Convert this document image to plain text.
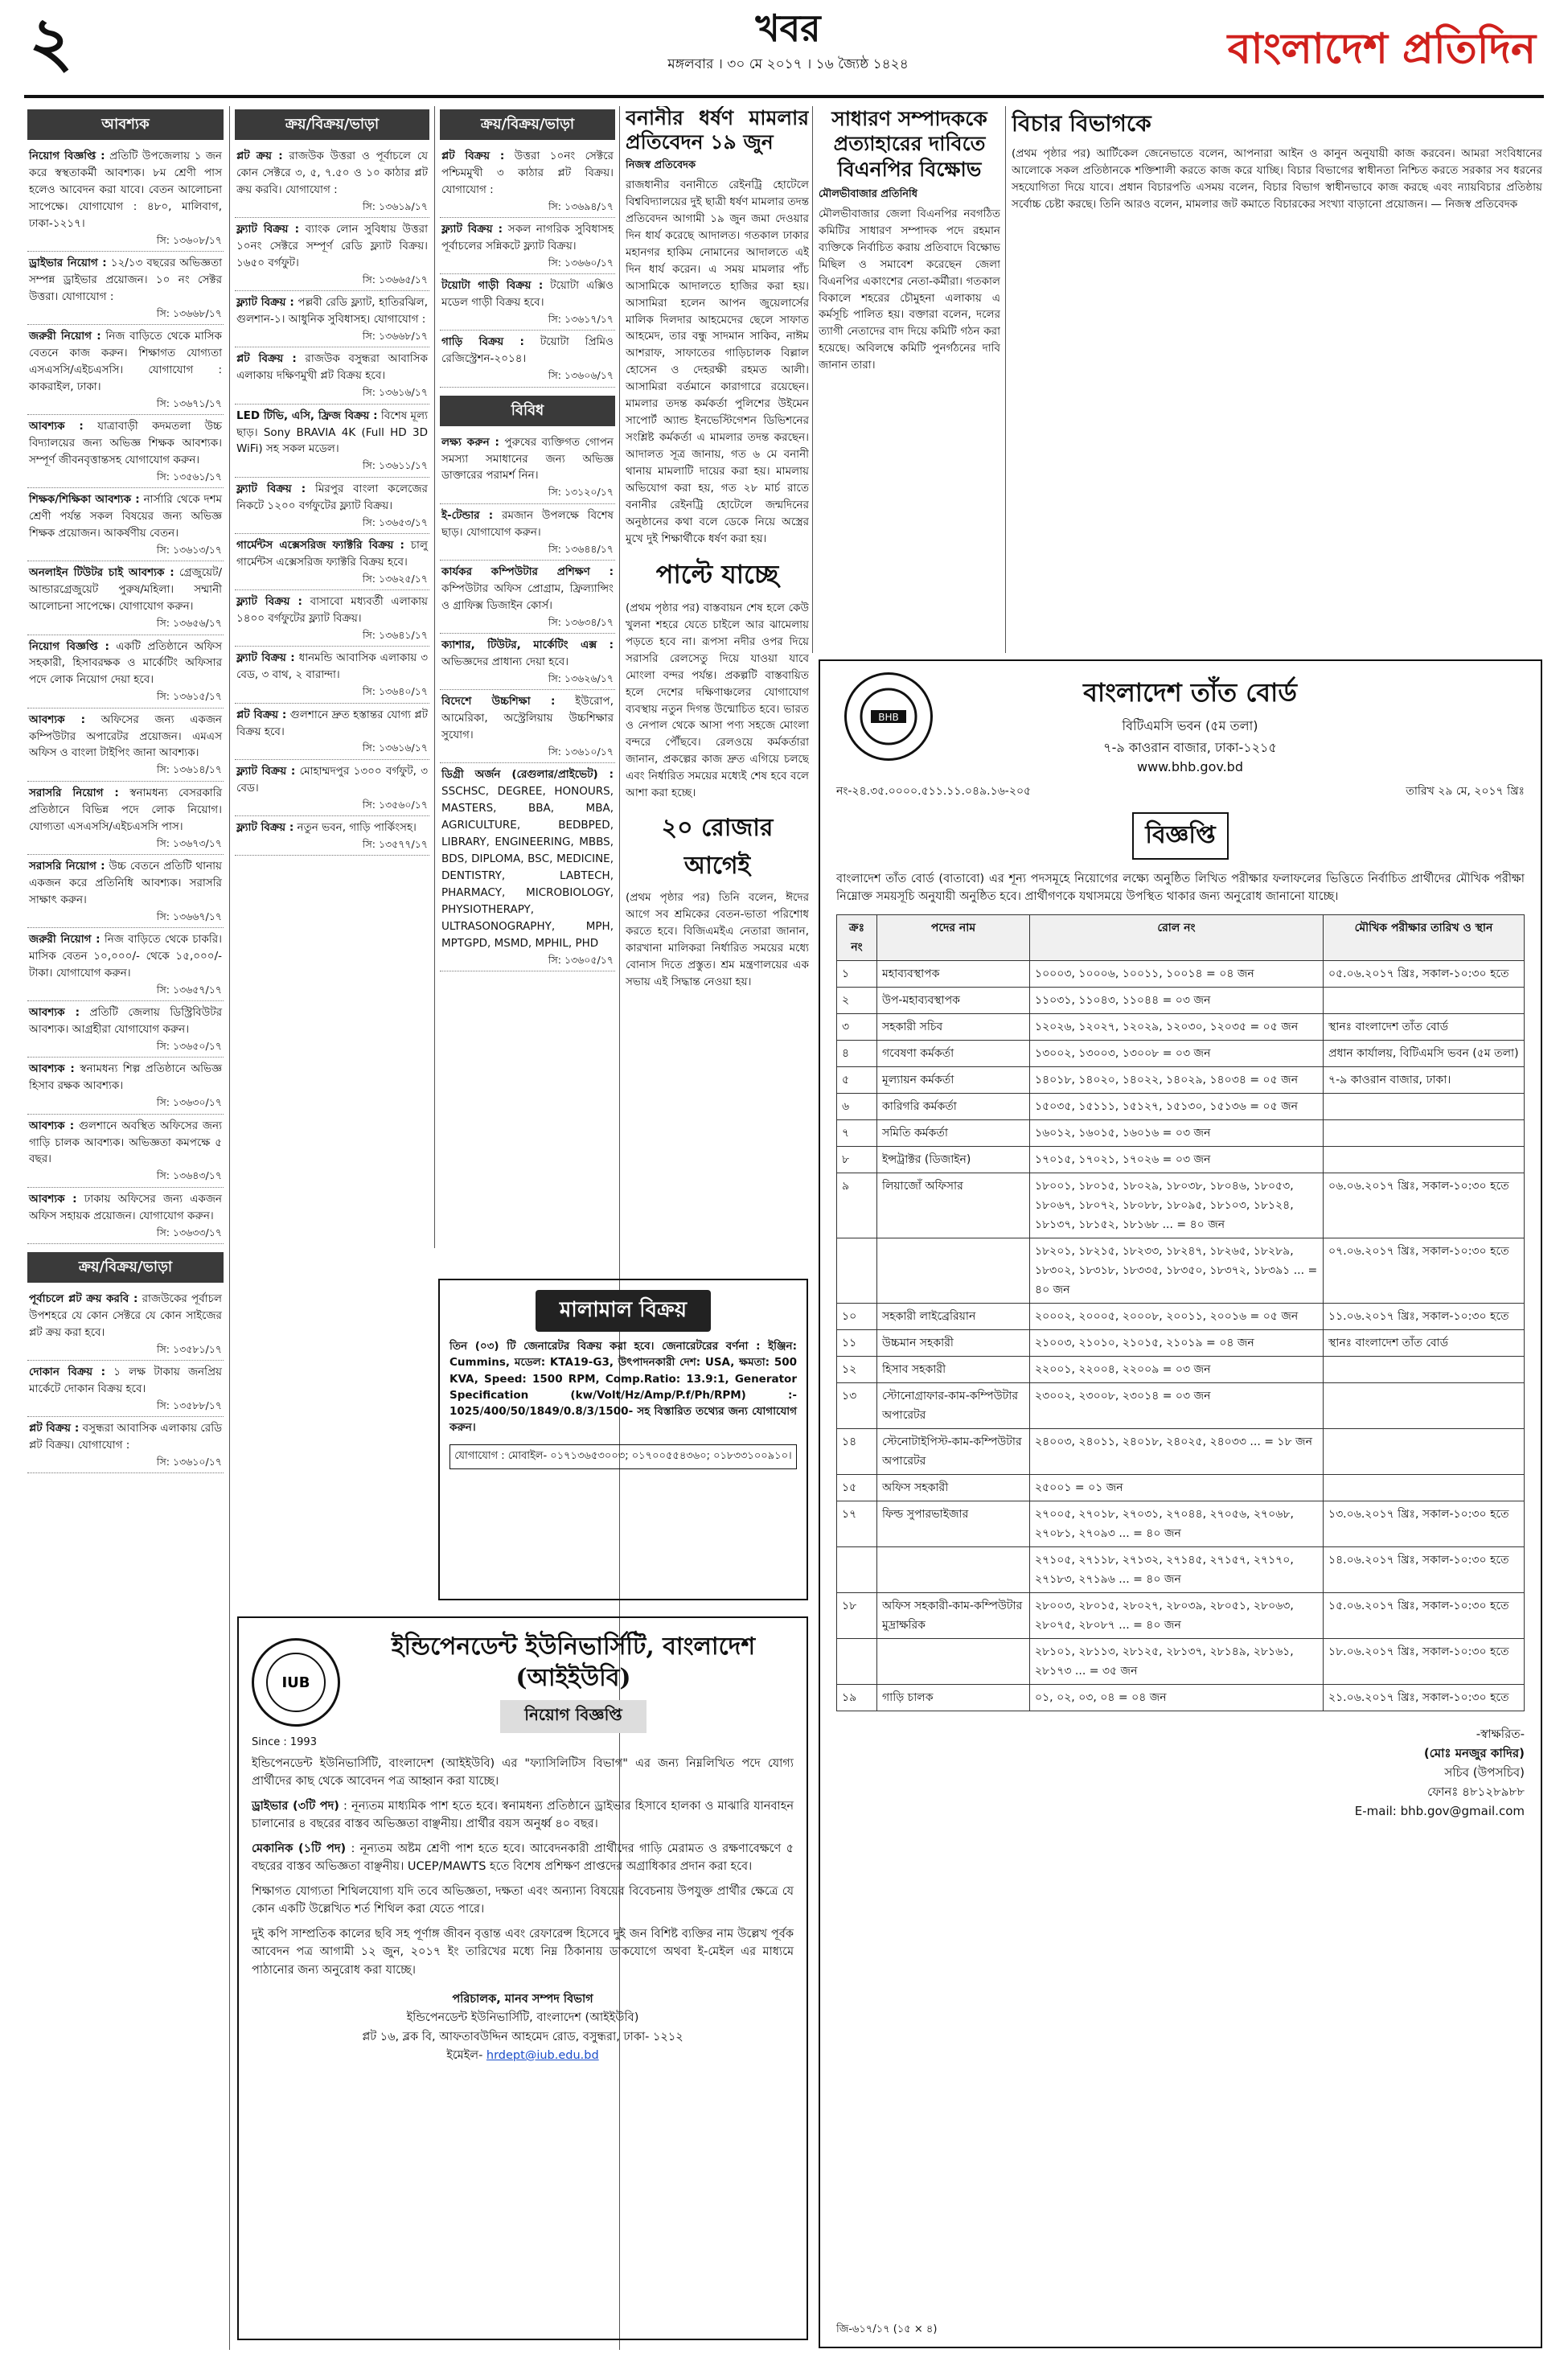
২	খবর
মঙ্গলবার । ৩০ মে ২০১৭ । ১৬ জ্যৈষ্ঠ ১৪২৪	বাংলাদেশ প্রতিদিন
আবশ্যক
নিয়োগ বিজ্ঞপ্তি : প্রতিটি উপজেলায় ১ জন করে স্বস্থতাকর্মী আবশ্যক। ৮ম শ্রেণী পাস হলেও আবেদন করা যাবে। বেতন আলোচনা সাপেক্ষে। যোগাযোগ : ৪৮০, মালিবাগ, ঢাকা-১২১৭।
সি: ১৩৬০৮/১৭
ড্রাইভার নিয়োগ : ১২/১৩ বছরের অভিজ্ঞতা সম্পন্ন ড্রাইভার প্রয়োজন। ১০ নং সেক্টর উত্তরা। যোগাযোগ :
সি: ১৩৬৬৮/১৭
জরুরী নিয়োগ : নিজ বাড়িতে থেকে মাসিক বেতনে কাজ করুন। শিক্ষাগত যোগ্যতা এসএসসি/এইচএসসি। যোগাযোগ : কাকরাইল, ঢাকা।
সি: ১৩৬৭১/১৭
আবশ্যক : যাত্রাবাড়ী কদমতলা উচ্চ বিদ্যালয়ের জন্য অভিজ্ঞ শিক্ষক আবশ্যক। সম্পূর্ণ জীবনবৃত্তান্তসহ যোগাযোগ করুন।
সি: ১৩৫৬১/১৭
শিক্ষক/শিক্ষিকা আবশ্যক : নার্সারি থেকে দশম শ্রেণী পর্যন্ত সকল বিষয়ের জন্য অভিজ্ঞ শিক্ষক প্রয়োজন। আকর্ষণীয় বেতন।
সি: ১৩৬১৩/১৭
অনলাইন টিউটর চাই আবশ্যক : গ্রেজুয়েট/আন্ডারগ্রেজুয়েট পুরুষ/মহিলা। সম্মানী আলোচনা সাপেক্ষে। যোগাযোগ করুন।
সি: ১৩৬৫৬/১৭
নিয়োগ বিজ্ঞপ্তি : একটি প্রতিষ্ঠানে অফিস সহকারী, হিসাবরক্ষক ও মার্কেটিং অফিসার পদে লোক নিয়োগ দেয়া হবে।
সি: ১৩৬১৫/১৭
আবশ্যক : অফিসের জন্য একজন কম্পিউটার অপারেটর প্রয়োজন। এমএস অফিস ও বাংলা টাইপিং জানা আবশ্যক।
সি: ১৩৬১৪/১৭
সরাসরি নিয়োগ : স্বনামধন্য বেসরকারি প্রতিষ্ঠানে বিভিন্ন পদে লোক নিয়োগ। যোগ্যতা এসএসসি/এইচএসসি পাস।
সি: ১৩৬৭৩/১৭
সরাসরি নিয়োগ : উচ্চ বেতনে প্রতিটি থানায় একজন করে প্রতিনিধি আবশ্যক। সরাসরি সাক্ষাৎ করুন।
সি: ১৩৬৬৭/১৭
জরুরী নিয়োগ : নিজ বাড়িতে থেকে চাকরি। মাসিক বেতন ১০,০০০/- থেকে ১৫,০০০/- টাকা। যোগাযোগ করুন।
সি: ১৩৬৫৭/১৭
আবশ্যক : প্রতিটি জেলায় ডিস্ট্রিবিউটর আবশ্যক। আগ্রহীরা যোগাযোগ করুন।
সি: ১৩৬৫০/১৭
আবশ্যক : স্বনামধন্য শিল্প প্রতিষ্ঠানে অভিজ্ঞ হিসাব রক্ষক আবশ্যক।
সি: ১৩৬৩০/১৭
আবশ্যক : গুলশানে অবস্থিত অফিসের জন্য গাড়ি চালক আবশ্যক। অভিজ্ঞতা কমপক্ষে ৫ বছর।
সি: ১৩৬৪৩/১৭
আবশ্যক : ঢাকায় অফিসের জন্য একজন অফিস সহায়ক প্রয়োজন। যোগাযোগ করুন।
সি: ১৩৬৩৩/১৭
ক্রয়/বিক্রয়/ভাড়া
পূর্বাচলে প্লট ক্রয় করবি : রাজউকের পূর্বাচল উপশহরে যে কোন সেক্টরে যে কোন সাইজের প্লট ক্রয় করা হবে।
সি: ১৩৫৮১/১৭
দোকান বিক্রয় : ১ লক্ষ টাকায় জনপ্রিয় মার্কেটে দোকান বিক্রয় হবে।
সি: ১৩৫৮৮/১৭
প্লট বিক্রয় : বসুন্ধরা আবাসিক এলাকায় রেডি প্লট বিক্রয়। যোগাযোগ :
সি: ১৩৬১০/১৭
ক্রয়/বিক্রয়/ভাড়া
প্লট ক্রয় : রাজউক উত্তরা ও পূর্বাচলে যে কোন সেক্টরে ৩, ৫, ৭.৫০ ও ১০ কাঠার প্লট ক্রয় করবি। যোগাযোগ :
সি: ১৩৬১৯/১৭
ফ্ল্যাট বিক্রয় : ব্যাংক লোন সুবিধায় উত্তরা ১০নং সেক্টরে সম্পূর্ণ রেডি ফ্ল্যাট বিক্রয়। ১৬৫০ বর্গফুট।
সি: ১৩৬৬৫/১৭
ফ্ল্যাট বিক্রয় : পল্লবী রেডি ফ্ল্যাট, হাতিরঝিল, গুলশান-১। আধুনিক সুবিধাসহ। যোগাযোগ :
সি: ১৩৬৬৮/১৭
প্লট বিক্রয় : রাজউক বসুন্ধরা আবাসিক এলাকায় দক্ষিণমুখী প্লট বিক্রয় হবে।
সি: ১৩৬১৬/১৭
LED টিভি, এসি, ফ্রিজ বিক্রয় : বিশেষ মূল্য ছাড়। Sony BRAVIA 4K (Full HD 3D WiFi) সহ সকল মডেল।
সি: ১৩৬১১/১৭
ফ্ল্যাট বিক্রয় : মিরপুর বাংলা কলেজের নিকটে ১২০০ বর্গফুটের ফ্ল্যাট বিক্রয়।
সি: ১৩৬৫৩/১৭
গার্মেন্টস এক্সেসরিজ ফ্যাক্টরি বিক্রয় : চালু গার্মেন্টস এক্সেসরিজ ফ্যাক্টরি বিক্রয় হবে।
সি: ১৩৬২৫/১৭
ফ্ল্যাট বিক্রয় : বাসাবো মধ্যবর্তী এলাকায় ১৪০০ বর্গফুটের ফ্ল্যাট বিক্রয়।
সি: ১৩৬৪১/১৭
ফ্ল্যাট বিক্রয় : ধানমন্ডি আবাসিক এলাকায় ৩ বেড, ৩ বাথ, ২ বারান্দা।
সি: ১৩৬৪০/১৭
প্লট বিক্রয় : গুলশানে দ্রুত হস্তান্তর যোগ্য প্লট বিক্রয় হবে।
সি: ১৩৬১৬/১৭
ফ্ল্যাট বিক্রয় : মোহাম্মদপুর ১৩০০ বর্গফুট, ৩ বেড।
সি: ১৩৫৬০/১৭
ফ্ল্যাট বিক্রয় : নতুন ভবন, গাড়ি পার্কিংসহ।
সি: ১৩৫৭৭/১৭
ক্রয়/বিক্রয়/ভাড়া
প্লট বিক্রয় : উত্তরা ১০নং সেক্টরে পশ্চিমমুখী ৩ কাঠার প্লট বিক্রয়। যোগাযোগ :
সি: ১৩৬৯৪/১৭
ফ্ল্যাট বিক্রয় : সকল নাগরিক সুবিধাসহ পূর্বাচলের সন্নিকটে ফ্ল্যাট বিক্রয়।
সি: ১৩৬৬০/১৭
টয়োটা গাড়ী বিক্রয় : টয়োটা এক্সিও মডেল গাড়ী বিক্রয় হবে।
সি: ১৩৬১৭/১৭
গাড়ি বিক্রয় : টয়োটা প্রিমিও রেজিস্ট্রেশন-২০১৪।
সি: ১৩৬০৬/১৭
বিবিধ
লক্ষ্য করুন : পুরুষের ব্যক্তিগত গোপন সমস্যা সমাধানের জন্য অভিজ্ঞ ডাক্তারের পরামর্শ নিন।
সি: ১৩১২০/১৭
ই-টেন্ডার : রমজান উপলক্ষে বিশেষ ছাড়। যোগাযোগ করুন।
সি: ১৩৬৪৪/১৭
কার্যকর কম্পিউটার প্রশিক্ষণ : কম্পিউটার অফিস প্রোগ্রাম, ফ্রিল্যান্সিং ও গ্রাফিক্স ডিজাইন কোর্স।
সি: ১৩৬৩৪/১৭
ক্যাশার, টিউটর, মার্কেটিং এক্স : অভিজ্ঞদের প্রাধান্য দেয়া হবে।
সি: ১৩৬২৬/১৭
বিদেশে উচ্চশিক্ষা : ইউরোপ, আমেরিকা, অস্ট্রেলিয়ায় উচ্চশিক্ষার সুযোগ।
সি: ১৩৬১০/১৭
ডিগ্রী অর্জন (রেগুলার/প্রাইভেট) : SSCHSC, DEGREE, HONOURS, MASTERS, BBA, MBA, AGRICULTURE, BEDBPED, LIBRARY, ENGINEERING, MBBS, BDS, DIPLOMA, BSC, MEDICINE, DENTISTRY, LABTECH, PHARMACY, MICROBIOLOGY, PHYSIOTHERAPY, ULTRASONOGRAPHY, MPH, MPTGPD, MSMD, MPHIL, PHD
সি: ১৩৬০৫/১৭
বনানীর ধর্ষণ মামলার প্রতিবেদন ১৯ জুন
নিজস্ব প্রতিবেদক
রাজধানীর বনানীতে রেইনট্রি হোটেলে বিশ্ববিদ্যালয়ের দুই ছাত্রী ধর্ষণ মামলার তদন্ত প্রতিবেদন আগামী ১৯ জুন জমা দেওয়ার দিন ধার্য করেছে আদালত। গতকাল ঢাকার মহানগর হাকিম নোমানের আদালতে এই দিন ধার্য করেন। এ সময় মামলার পাঁচ আসামিকে আদালতে হাজির করা হয়। আসামিরা হলেন আপন জুয়েলার্সের মালিক দিলদার আহমেদের ছেলে সাফাত আহমেদ, তার বন্ধু সাদমান সাকিব, নাঈম আশরাফ, সাফাতের গাড়িচালক বিল্লাল হোসেন ও দেহরক্ষী রহমত আলী। আসামিরা বর্তমানে কারাগারে রয়েছেন। মামলার তদন্ত কর্মকর্তা পুলিশের উইমেন সাপোর্ট অ্যান্ড ইনভেস্টিগেশন ডিভিশনের সংশ্লিষ্ট কর্মকর্তা এ মামলার তদন্ত করছেন। আদালত সূত্র জানায়, গত ৬ মে বনানী থানায় মামলাটি দায়ের করা হয়। মামলায় অভিযোগ করা হয়, গত ২৮ মার্চ রাতে বনানীর রেইনট্রি হোটেলে জন্মদিনের অনুষ্ঠানের কথা বলে ডেকে নিয়ে অস্ত্রের মুখে দুই শিক্ষার্থীকে ধর্ষণ করা হয়।
পাল্টে যাচ্ছে
(প্রথম পৃষ্ঠার পর) বাস্তবায়ন শেষ হলে কেউ খুলনা শহরে যেতে চাইলে আর ঝামেলায় পড়তে হবে না। রূপসা নদীর ওপর দিয়ে সরাসরি রেলসেতু দিয়ে যাওয়া যাবে মোংলা বন্দর পর্যন্ত। প্রকল্পটি বাস্তবায়িত হলে দেশের দক্ষিণাঞ্চলের যোগাযোগ ব্যবস্থায় নতুন দিগন্ত উন্মোচিত হবে। ভারত ও নেপাল থেকে আসা পণ্য সহজে মোংলা বন্দরে পৌঁছবে। রেলওয়ে কর্মকর্তারা জানান, প্রকল্পের কাজ দ্রুত এগিয়ে চলছে এবং নির্ধারিত সময়ের মধ্যেই শেষ হবে বলে আশা করা হচ্ছে।
২০ রোজার আগেই
(প্রথম পৃষ্ঠার পর) তিনি বলেন, ঈদের আগে সব শ্রমিকের বেতন-ভাতা পরিশোধ করতে হবে। বিজিএমইএ নেতারা জানান, কারখানা মালিকরা নির্ধারিত সময়ের মধ্যে বোনাস দিতে প্রস্তুত। শ্রম মন্ত্রণালয়ের এক সভায় এই সিদ্ধান্ত নেওয়া হয়।
সাধারণ সম্পাদককে প্রত্যাহারের দাবিতে বিএনপির বিক্ষোভ
মৌলভীবাজার প্রতিনিধি
মৌলভীবাজার জেলা বিএনপির নবগঠিত কমিটির সাধারণ সম্পাদক পদে রহমান ব্যক্তিকে নির্বাচিত করায় প্রতিবাদে বিক্ষোভ মিছিল ও সমাবেশ করেছেন জেলা বিএনপির একাংশের নেতা-কর্মীরা। গতকাল বিকালে শহরের চৌমুহনা এলাকায় এ কর্মসূচি পালিত হয়। বক্তারা বলেন, দলের ত্যাগী নেতাদের বাদ দিয়ে কমিটি গঠন করা হয়েছে। অবিলম্বে কমিটি পুনর্গঠনের দাবি জানান তারা।
বিচার বিভাগকে
(প্রথম পৃষ্ঠার পর) আর্টিকেল জেনেভাতে বলেন, আপনারা আইন ও কানুন অনুযায়ী কাজ করবেন। আমরা সংবিধানের আলোকে সকল প্রতিষ্ঠানকে শক্তিশালী করতে কাজ করে যাচ্ছি। বিচার বিভাগের স্বাধীনতা নিশ্চিত করতে সরকার সব ধরনের সহযোগিতা দিয়ে যাবে। প্রধান বিচারপতি এসময় বলেন, বিচার বিভাগ স্বাধীনভাবে কাজ করছে এবং ন্যায়বিচার প্রতিষ্ঠায় সর্বোচ্চ চেষ্টা করছে। তিনি আরও বলেন, মামলার জট কমাতে বিচারকের সংখ্যা বাড়ানো প্রয়োজন। — নিজস্ব প্রতিবেদক
BHB
বাংলাদেশ তাঁত বোর্ড
বিটিএমসি ভবন (৫ম তলা)
৭-৯ কাওরান বাজার, ঢাকা-১২১৫
www.bhb.gov.bd
নং-২৪.৩৫.০০০০.৫১১.১১.০৪৯.১৬-২০৫	তারিখ ২৯ মে, ২০১৭ খ্রিঃ
বিজ্ঞপ্তি
বাংলাদেশ তাঁত বোর্ড (বাতাবো) এর শূন্য পদসমূহে নিয়োগের লক্ষ্যে অনুষ্ঠিত লিখিত পরীক্ষার ফলাফলের ভিত্তিতে নির্বাচিত প্রার্থীদের মৌখিক পরীক্ষা নিম্নোক্ত সময়সূচি অনুযায়ী অনুষ্ঠিত হবে। প্রার্থীগণকে যথাসময়ে উপস্থিত থাকার জন্য অনুরোধ জানানো যাচ্ছে।
ক্রঃ নং	পদের নাম	রোল নং	মৌখিক পরীক্ষার তারিখ ও স্থান
১	মহাব্যবস্থাপক	১০০০৩, ১০০০৬, ১০০১১, ১০০১৪ = ০৪ জন	০৫.০৬.২০১৭ খ্রিঃ, সকাল-১০:৩০ হতে
২	উপ-মহাব্যবস্থাপক	১১০৩১, ১১০৪৩, ১১০৪৪ = ০৩ জন	
৩	সহকারী সচিব	১২০২৬, ১২০২৭, ১২০২৯, ১২০৩০, ১২০৩৫ = ০৫ জন	স্থানঃ বাংলাদেশ তাঁত বোর্ড
৪	গবেষণা কর্মকর্তা	১৩০০২, ১৩০০৩, ১৩০০৮ = ০৩ জন	প্রধান কার্যালয়, বিটিএমসি ভবন (৫ম তলা)
৫	মূল্যায়ন কর্মকর্তা	১৪০১৮, ১৪০২০, ১৪০২২, ১৪০২৯, ১৪০৩৪ = ০৫ জন	৭-৯ কাওরান বাজার, ঢাকা।
৬	কারিগরি কর্মকর্তা	১৫০৩৫, ১৫১১১, ১৫১২৭, ১৫১৩০, ১৫১৩৬ = ০৫ জন	
৭	সমিতি কর্মকর্তা	১৬০১২, ১৬০১৫, ১৬০১৬ = ০৩ জন	
৮	ইন্সট্রাক্টর (ডিজাইন)	১৭০১৫, ১৭০২১, ১৭০২৬ = ০৩ জন	
৯	লিয়াজোঁ অফিসার	১৮০০১, ১৮০১৫, ১৮০২৯, ১৮০৩৮, ১৮০৪৬, ১৮০৫৩, ১৮০৬৭, ১৮০৭২, ১৮০৮৮, ১৮০৯৫, ১৮১০৩, ১৮১২৪, ১৮১৩৭, ১৮১৫২, ১৮১৬৮ ... = ৪০ জন	০৬.০৬.২০১৭ খ্রিঃ, সকাল-১০:৩০ হতে
		১৮২০১, ১৮২১৫, ১৮২৩৩, ১৮২৪৭, ১৮২৬৫, ১৮২৮৯, ১৮৩০২, ১৮৩১৮, ১৮৩৩৫, ১৮৩৫০, ১৮৩৭২, ১৮৩৯১ ... = ৪০ জন	০৭.০৬.২০১৭ খ্রিঃ, সকাল-১০:৩০ হতে
১০	সহকারী লাইব্রেরিয়ান	২০০০২, ২০০০৫, ২০০০৮, ২০০১১, ২০০১৬ = ০৫ জন	১১.০৬.২০১৭ খ্রিঃ, সকাল-১০:৩০ হতে
১১	উচ্চমান সহকারী	২১০০৩, ২১০১০, ২১০১৫, ২১০১৯ = ০৪ জন	স্থানঃ বাংলাদেশ তাঁত বোর্ড
১২	হিসাব সহকারী	২২০০১, ২২০০৪, ২২০০৯ = ০৩ জন	
১৩	স্টোনোগ্রাফার-কাম-কম্পিউটার অপারেটর	২৩০০২, ২৩০০৮, ২৩০১৪ = ০৩ জন	
১৪	স্টেনোটাইপিস্ট-কাম-কম্পিউটার অপারেটর	২৪০০৩, ২৪০১১, ২৪০১৮, ২৪০২৫, ২৪০৩৩ ... = ১৮ জন	
১৫	অফিস সহকারী	২৫০০১ = ০১ জন	
১৭	ফিল্ড সুপারভাইজার	২৭০০৫, ২৭০১৮, ২৭০৩১, ২৭০৪৪, ২৭০৫৬, ২৭০৬৮, ২৭০৮১, ২৭০৯৩ ... = ৪০ জন	১৩.০৬.২০১৭ খ্রিঃ, সকাল-১০:৩০ হতে
		২৭১০৫, ২৭১১৮, ২৭১৩২, ২৭১৪৫, ২৭১৫৭, ২৭১৭০, ২৭১৮৩, ২৭১৯৬ ... = ৪০ জন	১৪.০৬.২০১৭ খ্রিঃ, সকাল-১০:৩০ হতে
১৮	অফিস সহকারী-কাম-কম্পিউটার মুদ্রাক্ষরিক	২৮০০৩, ২৮০১৫, ২৮০২৭, ২৮০৩৯, ২৮০৫১, ২৮০৬৩, ২৮০৭৫, ২৮০৮৭ ... = ৪০ জন	১৫.০৬.২০১৭ খ্রিঃ, সকাল-১০:৩০ হতে
		২৮১০১, ২৮১১৩, ২৮১২৫, ২৮১৩৭, ২৮১৪৯, ২৮১৬১, ২৮১৭৩ ... = ৩৫ জন	১৮.০৬.২০১৭ খ্রিঃ, সকাল-১০:৩০ হতে
১৯	গাড়ি চালক	০১, ০২, ০৩, ০৪ = ০৪ জন	২১.০৬.২০১৭ খ্রিঃ, সকাল-১০:৩০ হতে
-স্বাক্ষরিত-
(মোঃ মনজুর কাদির)
সচিব (উপসচিব)
ফোনঃ ৪৮১২৮৯৮৮
E-mail: bhb.gov@gmail.com
জি-৬১৭/১৭ (১৫ × ৪)
মালামাল বিক্রয়
তিন (০৩) টি জেনারেটর বিক্রয় করা হবে। জেনারেটরের বর্ণনা : ইঞ্জিন: Cummins, মডেল: KTA19-G3, উৎপাদনকারী দেশ: USA, ক্ষমতা: 500 KVA, Speed: 1500 RPM, Comp.Ratio: 13.9:1, Generator Specification (kw/Volt/Hz/Amp/P.f/Ph/RPM) :- 1025/400/50/1849/0.8/3/1500- সহ বিস্তারিত তথ্যের জন্য যোগাযোগ করুন।
যোগাযোগ : মোবাইল- ০১৭১৩৬৫৩০০৩; ০১৭০০৫৫৪৩৬০; ০১৮৩৩১০০৯১০।
IUB
ইন্ডিপেনডেন্ট ইউনিভার্সিটি, বাংলাদেশ (আইইউবি)
নিয়োগ বিজ্ঞপ্তি
Since : 1993
ইন্ডিপেনডেন্ট ইউনিভার্সিটি, বাংলাদেশ (আইইউবি) এর "ফ্যাসিলিটিস বিভাগ" এর জন্য নিম্নলিখিত পদে যোগ্য প্রার্থীদের কাছ থেকে আবেদন পত্র আহ্বান করা যাচ্ছে।
ড্রাইভার (৩টি পদ) : নূন্যতম মাধ্যমিক পাশ হতে হবে। স্বনামধন্য প্রতিষ্ঠানে ড্রাইভার হিসাবে হালকা ও মাঝারি যানবাহন চালানোর ৪ বছরের বাস্তব অভিজ্ঞতা বাঞ্ছনীয়। প্রার্থীর বয়স অনুর্ধ্ব ৪০ বছর।
মেকানিক (১টি পদ) : নূন্যতম অষ্টম শ্রেণী পাশ হতে হবে। আবেদনকারী প্রার্থীদের গাড়ি মেরামত ও রক্ষণাবেক্ষণে ৫ বছরের বাস্তব অভিজ্ঞতা বাঞ্ছনীয়। UCEP/MAWTS হতে বিশেষ প্রশিক্ষণ প্রাপ্তদের অগ্রাধিকার প্রদান করা হবে।
শিক্ষাগত যোগ্যতা শিথিলযোগ্য যদি তবে অভিজ্ঞতা, দক্ষতা এবং অন্যান্য বিষয়ের বিবেচনায় উপযুক্ত প্রার্থীর ক্ষেত্রে যে কোন একটি উল্লেখিত শর্ত শিথিল করা যেতে পারে।
দুই কপি সাম্প্রতিক কালের ছবি সহ পূর্ণাঙ্গ জীবন বৃত্তান্ত এবং রেফারেন্স হিসেবে দুই জন বিশিষ্ট ব্যক্তির নাম উল্লেখ পূর্বক আবেদন পত্র আগামী ১২ জুন, ২০১৭ ইং তারিখের মধ্যে নিম্ন ঠিকানায় ডাকযোগে অথবা ই-মেইল এর মাধ্যমে পাঠানোর জন্য অনুরোধ করা যাচ্ছে।
পরিচালক, মানব সম্পদ বিভাগ
ইন্ডিপেনডেন্ট ইউনিভার্সিটি, বাংলাদেশ (আইইউবি)
প্লট ১৬, ব্লক বি, আফতাবউদ্দিন আহমেদ রোড, বসুন্ধরা, ঢাকা- ১২১২
ইমেইল- hrdept@iub.edu.bd
